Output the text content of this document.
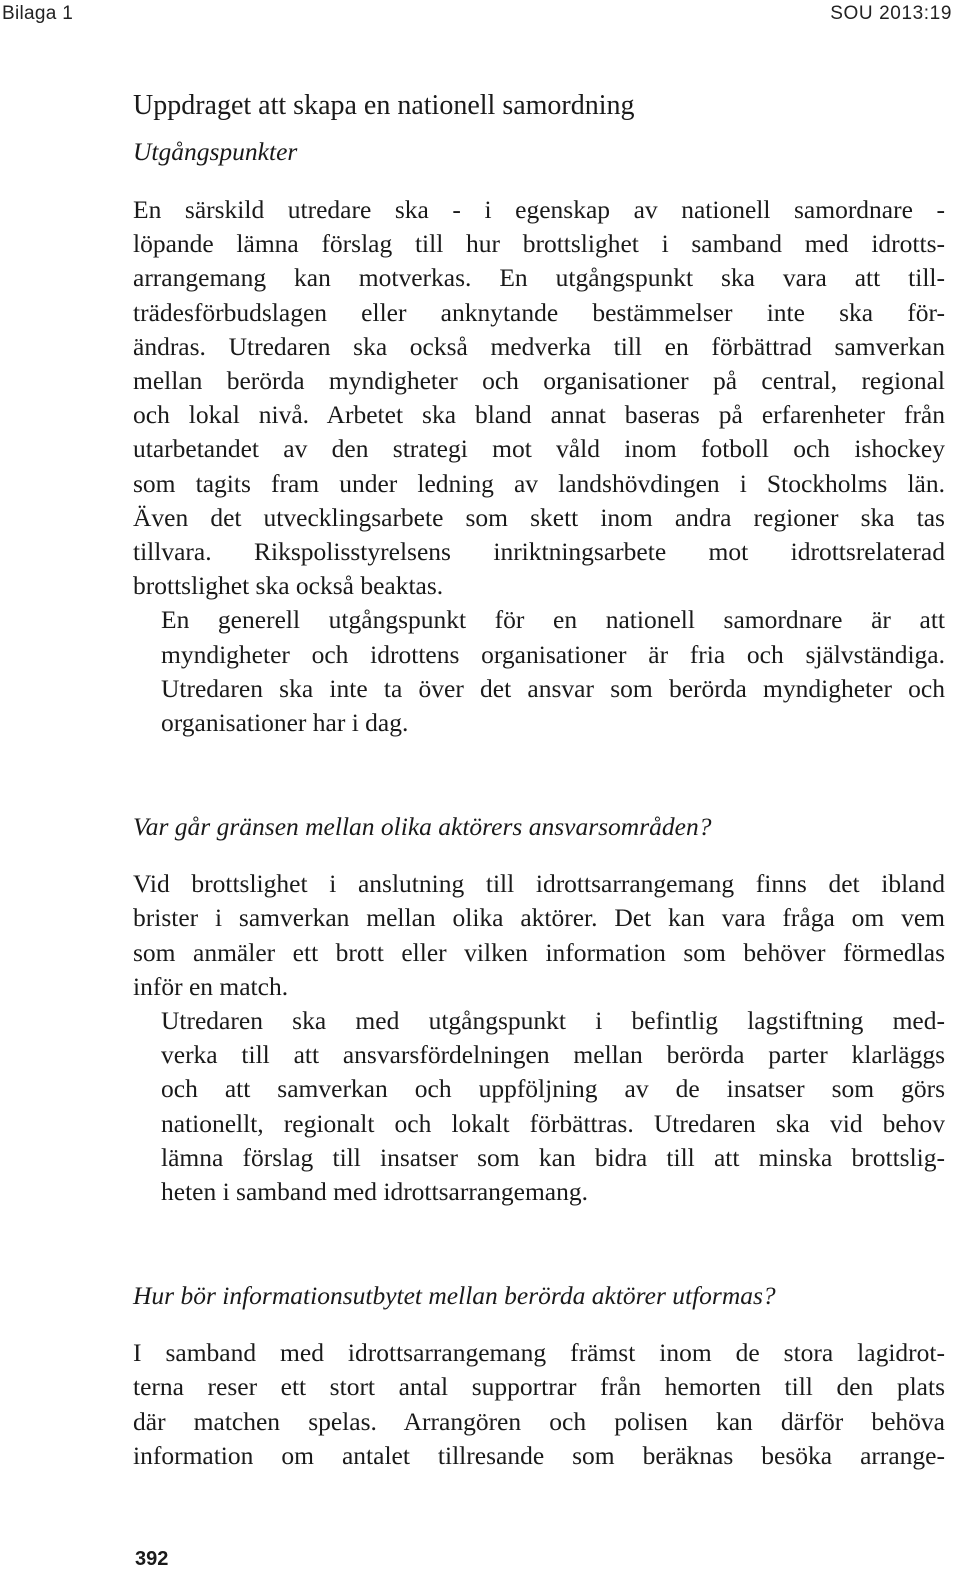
Bilaga 1	SOU 2013:19
Uppdraget att skapa en nationell samordning
Utgångspunkter

En särskild utredare ska - i egenskap av nationell samordnare -
löpande lämna förslag till hur brottslighet i samband med idrotts-
arrangemang kan motverkas. En utgångspunkt ska vara att till-
trädesförbudslagen eller anknytande bestämmelser inte ska för-
ändras. Utredaren ska också medverka till en förbättrad samverkan
mellan berörda myndigheter och organisationer på central, regional
och lokal nivå. Arbetet ska bland annat baseras på erfarenheter från
utarbetandet av den strategi mot våld inom fotboll och ishockey
som tagits fram under ledning av landshövdingen i Stockholms län.
Även det utvecklingsarbete som skett inom andra regioner ska tas
tillvara. Rikspolisstyrelsens inriktningsarbete mot idrottsrelaterad
brottslighet ska också beaktas.

En generell utgångspunkt för en nationell samordnare är att
myndigheter och idrottens organisationer är fria och självständiga.
Utredaren ska inte ta över det ansvar som berörda myndigheter och
organisationer har i dag.

Var går gränsen mellan olika aktörers ansvarsområden?

Vid brottslighet i anslutning till idrottsarrangemang finns det ibland
brister i samverkan mellan olika aktörer. Det kan vara fråga om vem
som anmäler ett brott eller vilken information som behöver förmedlas
inför en match.

Utredaren ska med utgångspunkt i befintlig lagstiftning med-
verka till att ansvarsfördelningen mellan berörda parter klarläggs
och att samverkan och uppföljning av de insatser som görs
nationellt, regionalt och lokalt förbättras. Utredaren ska vid behov
lämna förslag till insatser som kan bidra till att minska brottslig-
heten i samband med idrottsarrangemang.

Hur bör informationsutbytet mellan berörda aktörer utformas?

I samband med idrottsarrangemang främst inom de stora lagidrot-
terna reser ett stort antal supportrar från hemorten till den plats
där matchen spelas. Arrangören och polisen kan därför behöva
information om antalet tillresande som beräknas besöka arrange-

392
